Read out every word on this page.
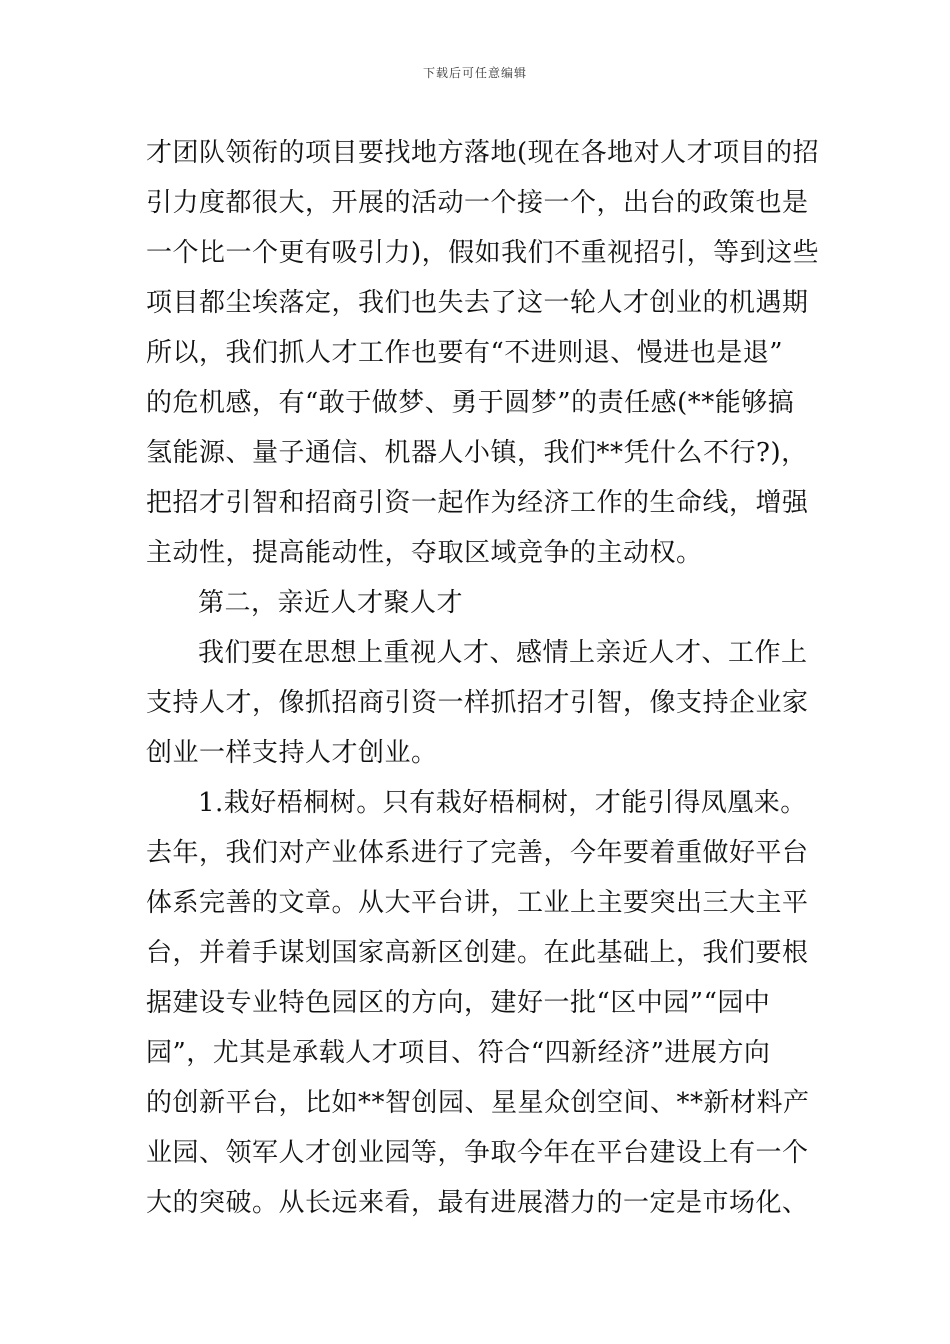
下载后可任意编辑
才团队领衔的项目要找地方落地(现在各地对人才项目的招
引力度都很大，开展的活动一个接一个，出台的政策也是
一个比一个更有吸引力)，假如我们不重视招引，等到这些
项目都尘埃落定，我们也失去了这一轮人才创业的机遇期
所以，我们抓人才工作也要有“不进则退、慢进也是退”
的危机感，有“敢于做梦、勇于圆梦”的责任感(**能够搞
氢能源、量子通信、机器人小镇，我们**凭什么不行?)，
把招才引智和招商引资一起作为经济工作的生命线，增强
主动性，提高能动性，夺取区域竞争的主动权。
第二，亲近人才聚人才
我们要在思想上重视人才、感情上亲近人才、工作上
支持人才，像抓招商引资一样抓招才引智，像支持企业家
创业一样支持人才创业。
1.栽好梧桐树。只有栽好梧桐树，才能引得凤凰来。
去年，我们对产业体系进行了完善，今年要着重做好平台
体系完善的文章。从大平台讲，工业上主要突出三大主平
台，并着手谋划国家高新区创建。在此基础上，我们要根
据建设专业特色园区的方向，建好一批“区中园”“园中
园”，尤其是承载人才项目、符合“四新经济”进展方向
的创新平台，比如**智创园、星星众创空间、**新材料产
业园、领军人才创业园等，争取今年在平台建设上有一个
大的突破。从长远来看，最有进展潜力的一定是市场化、
